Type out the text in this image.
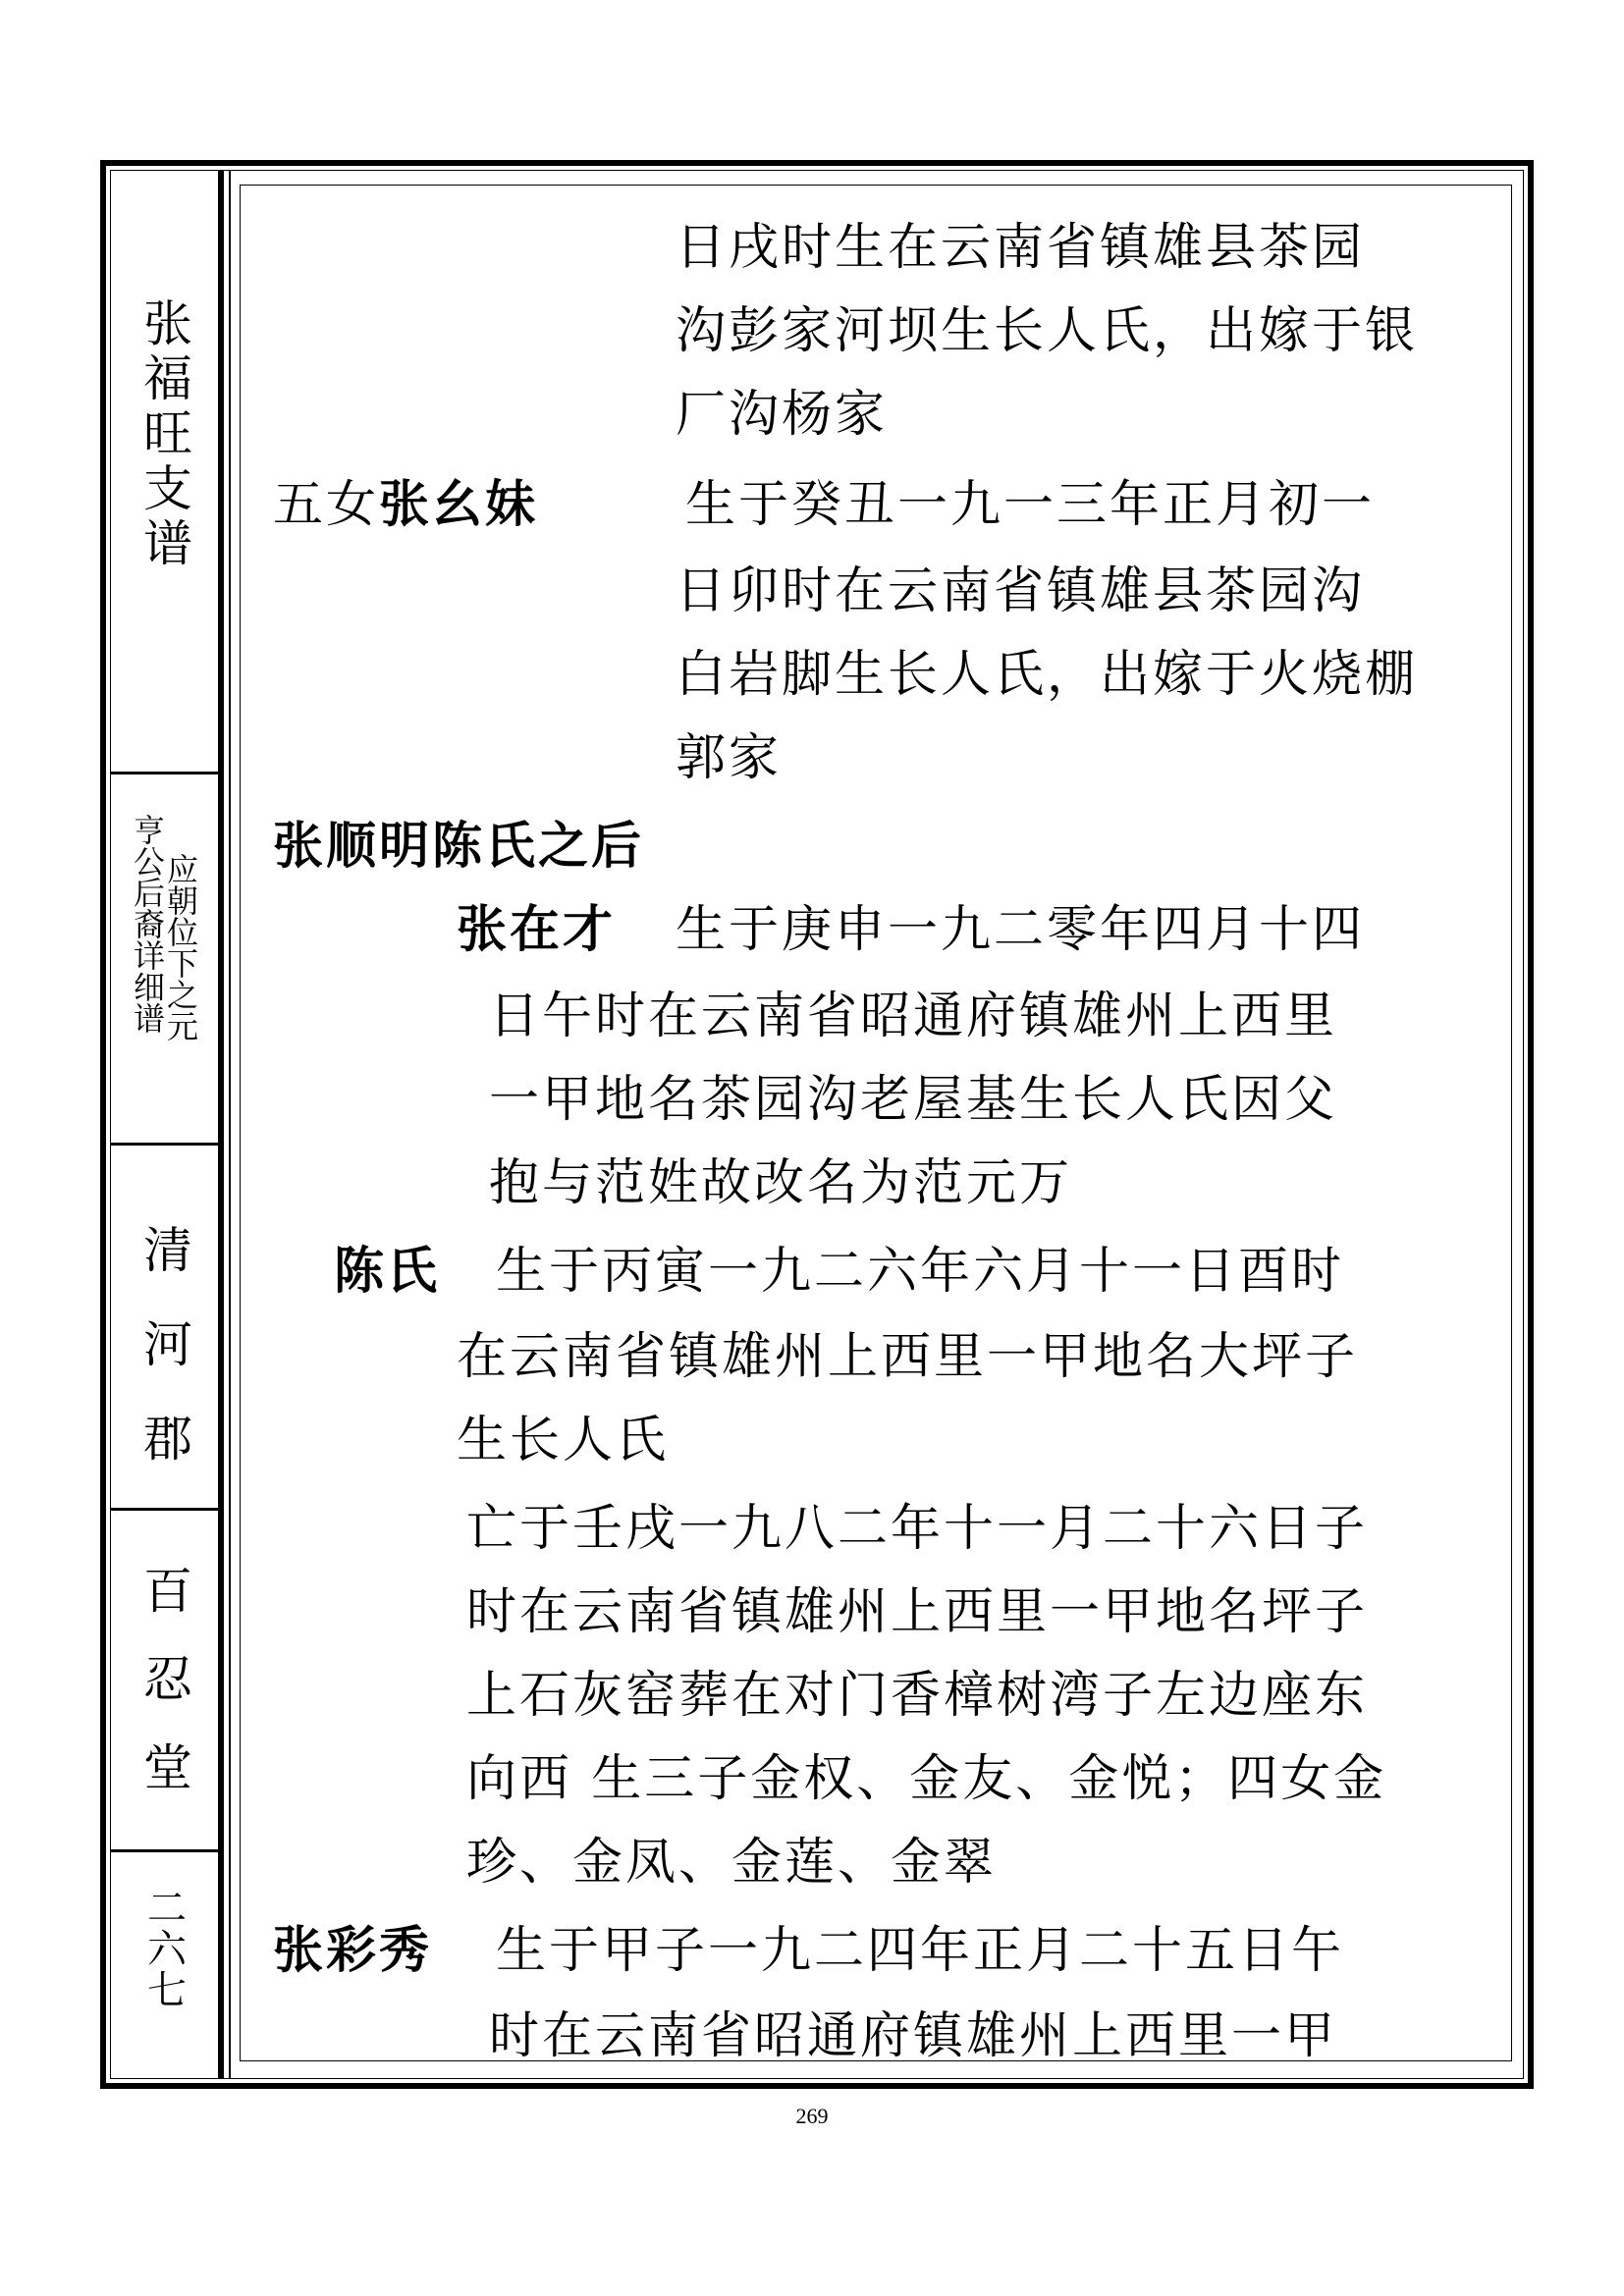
张福旺支谱
应朝位下之元
亨公后裔详细谱
清河郡
百忍堂
二六七
日戌时生在云南省镇雄县茶园
沟彭家河坝生长人氏，出嫁于银
厂沟杨家
五女张幺妹	生于癸丑一九一三年正月初一
日卯时在云南省镇雄县茶园沟
白岩脚生长人氏，出嫁于火烧棚
郭家
张顺明陈氏之后
张在才 生于庚申一九二零年四月十四
日午时在云南省昭通府镇雄州上西里
一甲地名茶园沟老屋基生长人氏因父
抱与范姓故改名为范元万
陈氏 生于丙寅一九二六年六月十一日酉时
在云南省镇雄州上西里一甲地名大坪子
生长人氏
亡于壬戌一九八二年十一月二十六日子
时在云南省镇雄州上西里一甲地名坪子
上石灰窑葬在对门香樟树湾子左边座东
向西 生三子金权、金友、金悦；四女金
珍、金凤、金莲、金翠
张彩秀 生于甲子一九二四年正月二十五日午
时在云南省昭通府镇雄州上西里一甲
269
